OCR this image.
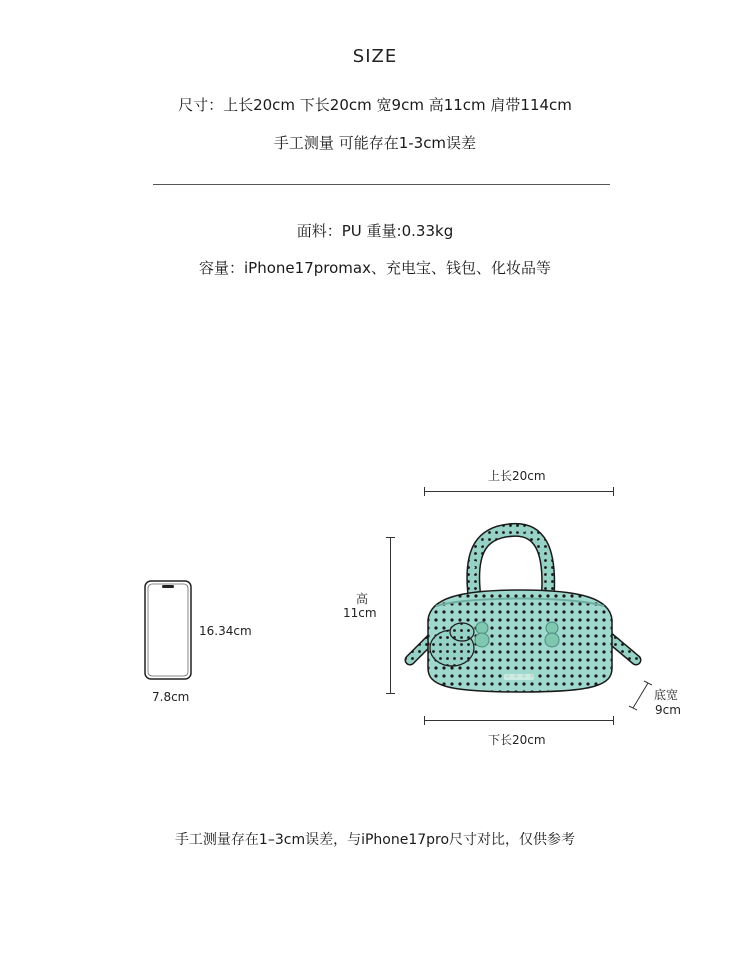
SIZE
尺寸：上长20cm 下长20cm 宽9cm 高11cm 肩带114cm
手工测量 可能存在1-3cm误差
面料：PU 重量:0.33kg
容量：iPhone17promax、充电宝、钱包、化妆品等
16.34cm
7.8cm
上长20cm
高
11cm
下长20cm
底宽
9cm
手工测量存在1–3cm误差，与iPhone17pro尺寸对比，仅供参考
